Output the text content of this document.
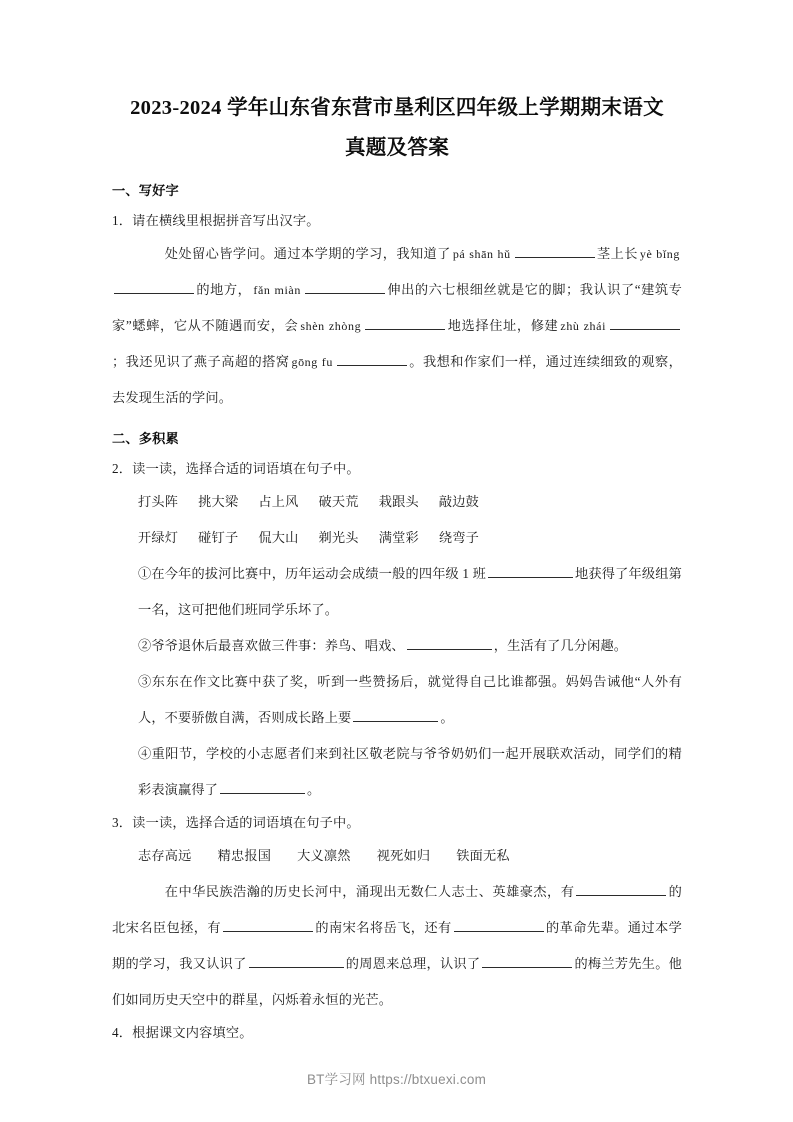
2023-2024 学年山东省东营市垦利区四年级上学期期末语文
真题及答案
一、写好字

1．请在横线里根据拼音写出汉字。

处处留心皆学问。通过本学期的学习，我知道了 pá shān hǔ	茎上长 yè bǐng的地方， fǎn miàn	伸出的六七根细丝就是它的脚；我认识了“建筑专家”蟋蟀，它从不随遇而安，会 shèn zhòng	地选择住址，修建 zhù zhái；我还见识了燕子高超的搭窝 gōng fu	。我想和作家们一样，通过连续细致的观察，去发现生活的学问。

二、多积累

2．读一读，选择合适的词语填在句子中。

打头阵 挑大梁 占上风 破天荒 栽跟头 敲边鼓

开绿灯 碰钉子 侃大山 剃光头 满堂彩 绕弯子

①在今年的拔河比赛中，历年运动会成绩一般的四年级 1 班	地获得了年级组第一名，这可把他们班同学乐坏了。

②爷爷退休后最喜欢做三件事：养鸟、唱戏、	，生活有了几分闲趣。

③东东在作文比赛中获了奖，听到一些赞扬后，就觉得自己比谁都强。妈妈告诫他“人外有人，不要骄傲自满，否则成长路上要	。

④重阳节，学校的小志愿者们来到社区敬老院与爷爷奶奶们一起开展联欢活动，同学们的精彩表演赢得了	。

3．读一读，选择合适的词语填在句子中。

志存高远 精忠报国 大义凛然 视死如归 铁面无私

在中华民族浩瀚的历史长河中，涌现出无数仁人志士、英雄豪杰，有	的北宋名臣包拯，有	的南宋名将岳飞，还有	的革命先辈。通过本学期的学习，我又认识了	的周恩来总理，认识了	的梅兰芳先生。他们如同历史天空中的群星，闪烁着永恒的光芒。

4．根据课文内容填空。

BT学习网 https://btxuexi.com
